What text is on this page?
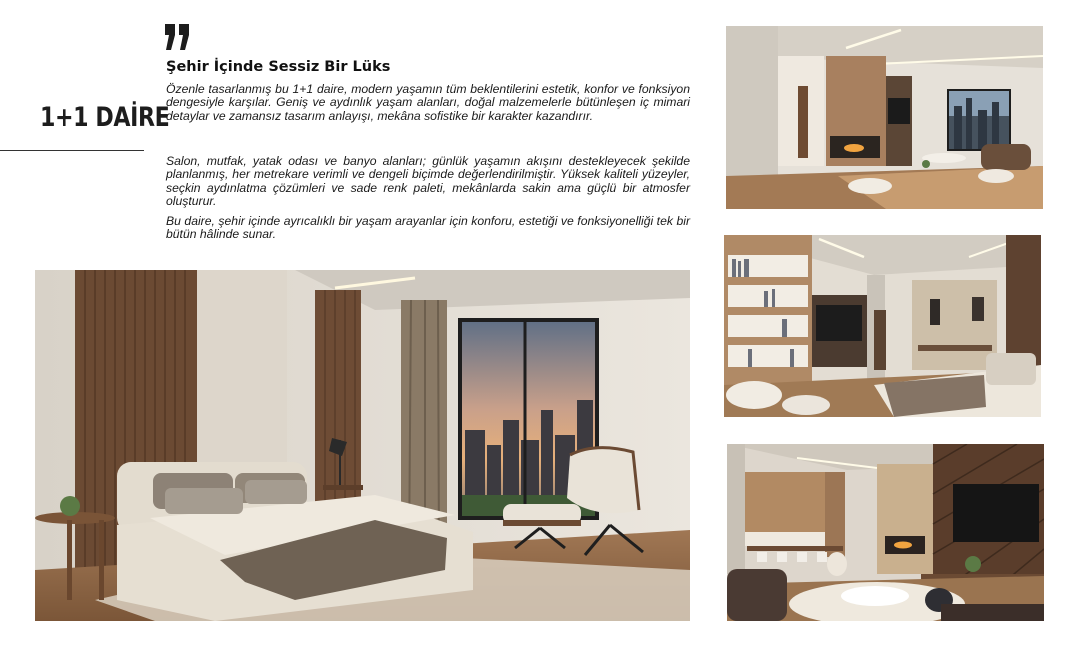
1+1 DAİRE
Şehir İçinde Sessiz Bir Lüks

Özenle tasarlanmış bu 1+1 daire, modern yaşamın tüm beklentilerini estetik, konfor ve fonksiyon dengesiyle karşılar. Geniş ve aydınlık yaşam alanları, doğal malzemelerle bütünleşen iç mimari detaylar ve zamansız tasarım anlayışı, mekâna sofistike bir karakter kazandırır.

Salon, mutfak, yatak odası ve banyo alanları; günlük yaşamın akışını destekleyecek şekilde planlanmış, her metrekare verimli ve dengeli biçimde değerlendirilmiştir. Yüksek kaliteli yüzeyler, seçkin aydınlatma çözümleri ve sade renk paleti, mekânlarda sakin ama güçlü bir atmosfer oluşturur.

Bu daire, şehir içinde ayrıcalıklı bir yaşam arayanlar için konforu, estetiği ve fonksiyonelliği tek bir bütün hâlinde sunar.
